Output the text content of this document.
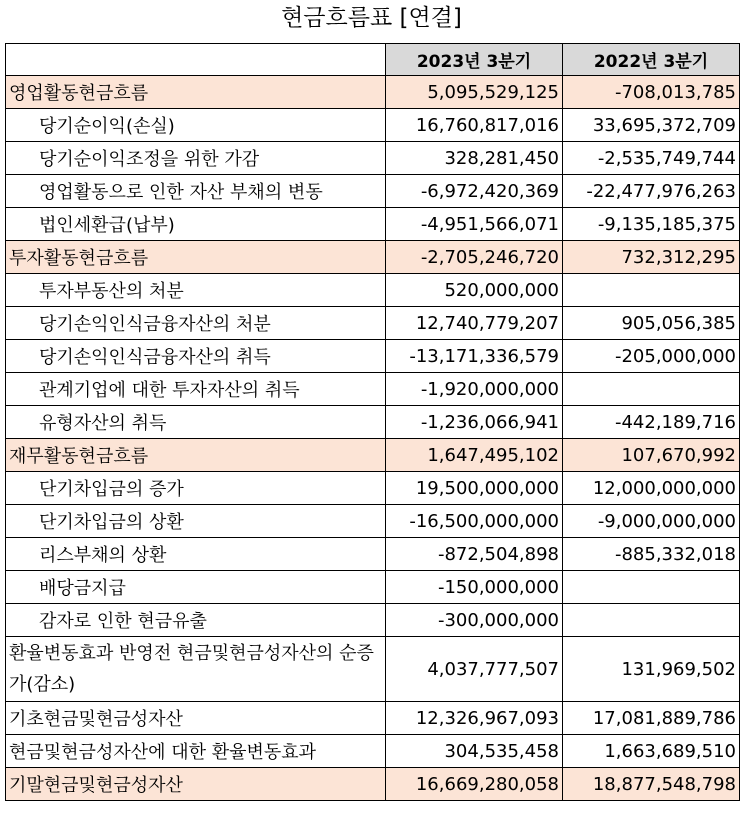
현금흐름표 [연결]
	2023년 3분기	2022년 3분기
영업활동현금흐름	5,095,529,125	-708,013,785
당기순이익(손실)	16,760,817,016	33,695,372,709
당기순이익조정을 위한 가감	328,281,450	-2,535,749,744
영업활동으로 인한 자산 부채의 변동	-6,972,420,369	-22,477,976,263
법인세환급(납부)	-4,951,566,071	-9,135,185,375
투자활동현금흐름	-2,705,246,720	732,312,295
투자부동산의 처분	520,000,000	
당기손익인식금융자산의 처분	12,740,779,207	905,056,385
당기손익인식금융자산의 취득	-13,171,336,579	-205,000,000
관계기업에 대한 투자자산의 취득	-1,920,000,000	
유형자산의 취득	-1,236,066,941	-442,189,716
재무활동현금흐름	1,647,495,102	107,670,992
단기차입금의 증가	19,500,000,000	12,000,000,000
단기차입금의 상환	-16,500,000,000	-9,000,000,000
리스부채의 상환	-872,504,898	-885,332,018
배당금지급	-150,000,000	
감자로 인한 현금유출	-300,000,000	
환율변동효과 반영전 현금및현금성자산의 순증가(감소)	4,037,777,507	131,969,502
기초현금및현금성자산	12,326,967,093	17,081,889,786
현금및현금성자산에 대한 환율변동효과	304,535,458	1,663,689,510
기말현금및현금성자산	16,669,280,058	18,877,548,798
